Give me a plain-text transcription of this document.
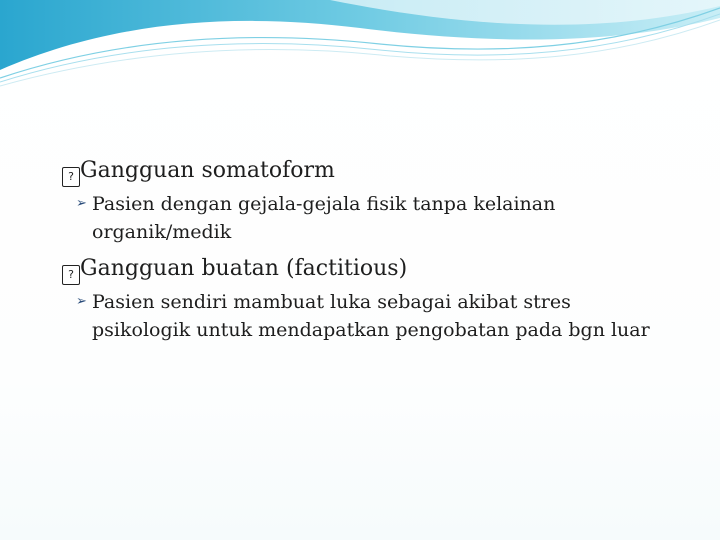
? Gangguan somatoform
➢ Pasien dengan gejala-gejala fisik tanpa kelainan organik/medik
? Gangguan buatan (factitious)
➢ Pasien sendiri mambuat luka sebagai akibat stres psikologik untuk mendapatkan pengobatan pada bgn luar
